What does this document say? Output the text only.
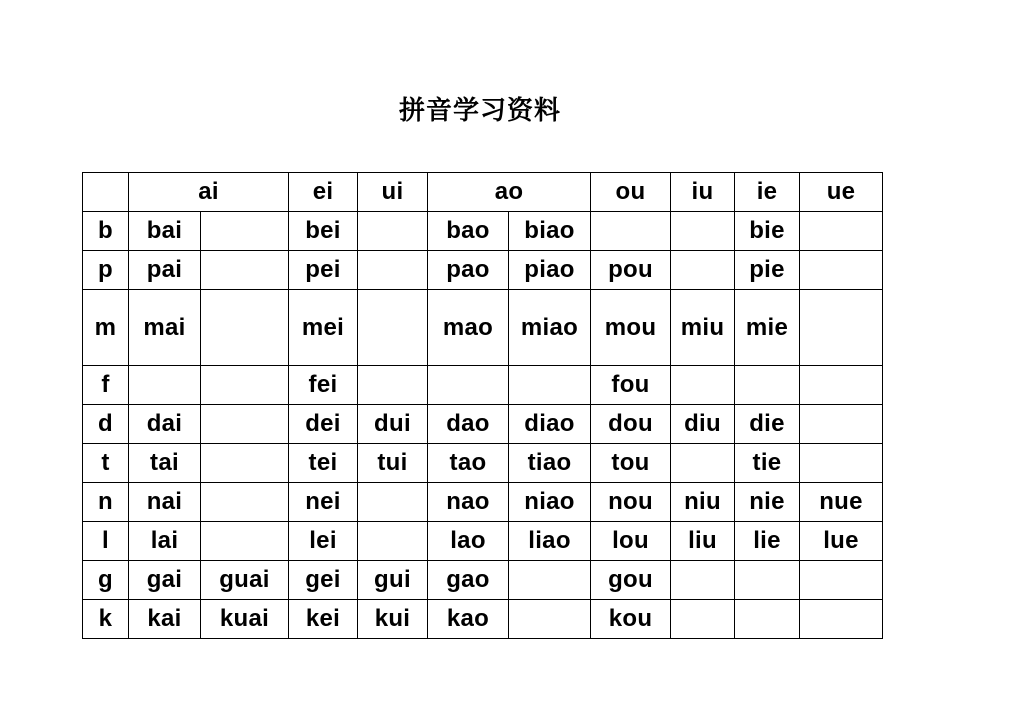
拼音学习资料
	ai		ei	ui	ao		ou	iu	ie	ue
b	bai		bei		bao	biao			bie	
p	pai		pei		pao	piao	pou		pie	
m	mai		mei		mao	miao	mou	miu	mie	
f			fei				fou			
d	dai		dei	dui	dao	diao	dou	diu	die	
t	tai		tei	tui	tao	tiao	tou		tie	
n	nai		nei		nao	niao	nou	niu	nie	nue
l	lai		lei		lao	liao	lou	liu	lie	lue
g	gai	guai	gei	gui	gao		gou			
k	kai	kuai	kei	kui	kao		kou			
